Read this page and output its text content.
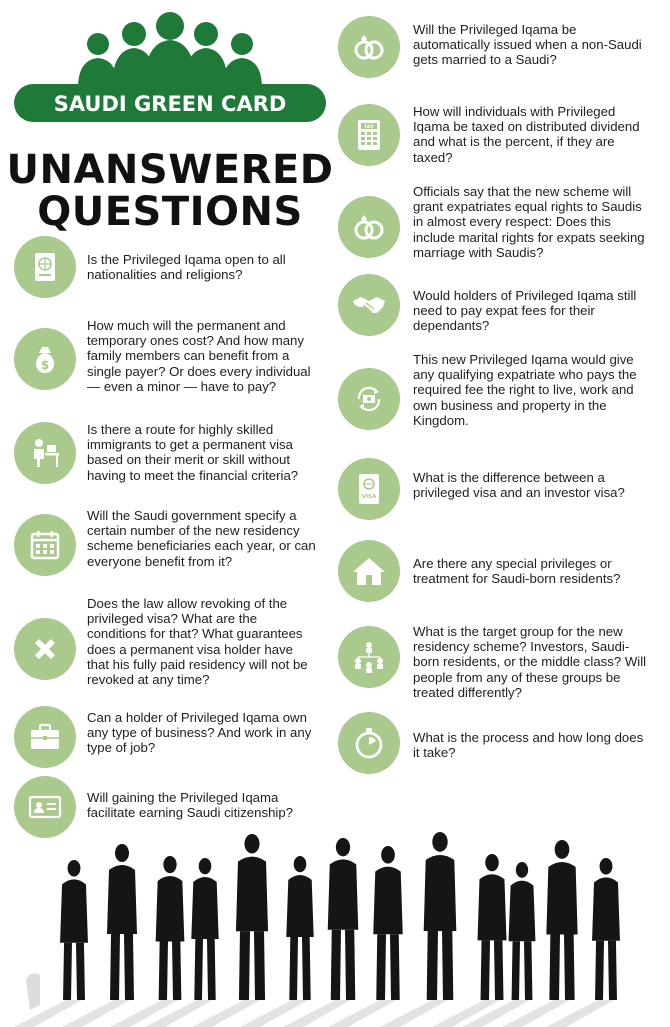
SAUDI GREEN CARD
UNANSWERED
QUESTIONS
Is the Privileged Iqama open to all nationalities and religions?
$
How much will the permanent and temporary ones cost? And how many family members can benefit from a single payer? Or does every individual — even a minor — have to pay?
Is there a route for highly skilled immigrants to get a permanent visa based on their merit or skill without having to meet the financial criteria?
Will the Saudi government specify a certain number of the new residency scheme beneficiaries each year, or can everyone benefit from it?
Does the law allow revoking of the privileged visa? What are the conditions for that? What guarantees does a permanent visa holder have that his fully paid residency will not be revoked at any time?
Can a holder of Privileged Iqama own any type of business? And work in any type of job?
Will gaining the Privileged Iqama facilitate earning Saudi citizenship?
Will the Privileged Iqama be automatically issued when a non-Saudi gets married to a Saudi?
TAX
How will individuals with Privileged Iqama be taxed on distributed dividend and what is the percent, if they are taxed?
Officials say that the new scheme will grant expatriates equal rights to Saudis in almost every respect: Does this include marital rights for expats seeking marriage with Saudis?
Would holders of Privileged Iqama still need to pay expat fees for their dependants?
This new Privileged Iqama would give any qualifying expatriate who pays the required fee the right to live, work and own business and property in the Kingdom.
VISA
What is the difference between a privileged visa and an investor visa?
Are there any special privileges or treatment for Saudi-born residents?
What is the target group for the new residency scheme? Investors, Saudi-born residents, or the middle class? Will people from any of these groups be treated differently?
What is the process and how long does it take?
